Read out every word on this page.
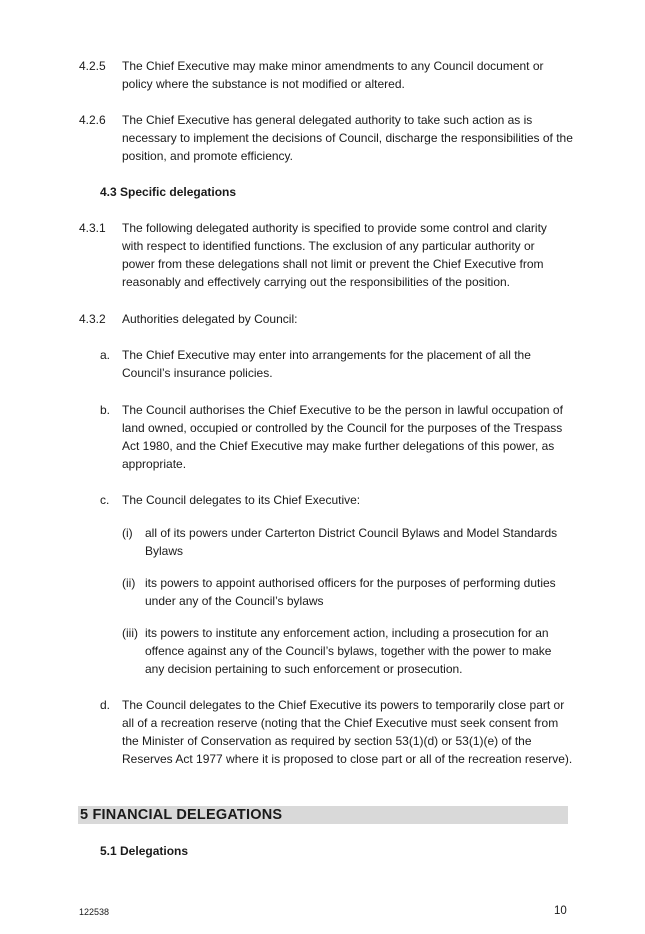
4.2.5 The Chief Executive may make minor amendments to any Council document or
policy where the substance is not modified or altered.
4.2.6 The Chief Executive has general delegated authority to take such action as is
necessary to implement the decisions of Council, discharge the responsibilities of the
position, and promote efficiency.
4.3 Specific delegations
4.3.1 The following delegated authority is specified to provide some control and clarity
with respect to identified functions. The exclusion of any particular authority or
power from these delegations shall not limit or prevent the Chief Executive from
reasonably and effectively carrying out the responsibilities of the position.
4.3.2 Authorities delegated by Council:
a. The Chief Executive may enter into arrangements for the placement of all the
Council’s insurance policies.
b. The Council authorises the Chief Executive to be the person in lawful occupation of
land owned, occupied or controlled by the Council for the purposes of the Trespass
Act 1980, and the Chief Executive may make further delegations of this power, as
appropriate.
c. The Council delegates to its Chief Executive:
(i) all of its powers under Carterton District Council Bylaws and Model Standards
Bylaws
(ii) its powers to appoint authorised officers for the purposes of performing duties
under any of the Council’s bylaws
(iii) its powers to institute any enforcement action, including a prosecution for an
offence against any of the Council’s bylaws, together with the power to make
any decision pertaining to such enforcement or prosecution.
d. The Council delegates to the Chief Executive its powers to temporarily close part or
all of a recreation reserve (noting that the Chief Executive must seek consent from
the Minister of Conservation as required by section 53(1)(d) or 53(1)(e) of the
Reserves Act 1977 where it is proposed to close part or all of the recreation reserve).
5 FINANCIAL DELEGATIONS
5.1 Delegations
122538	10
